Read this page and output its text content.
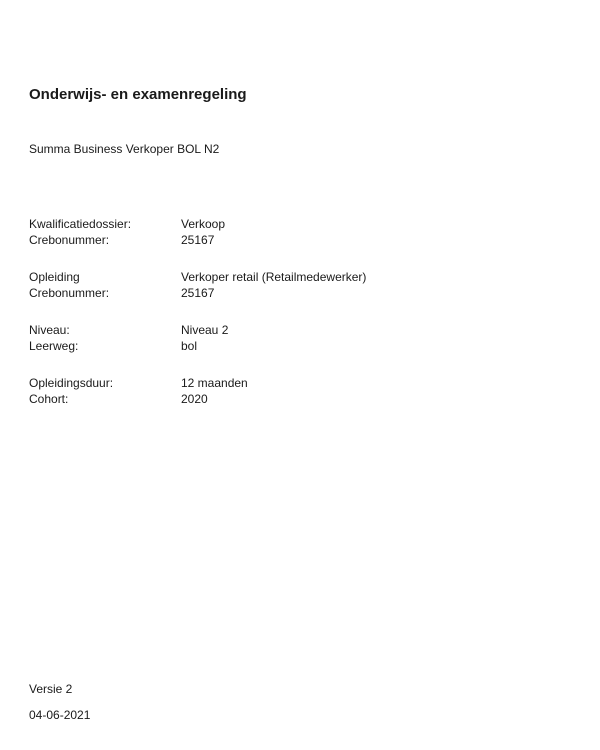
Onderwijs- en examenregeling

Summa Business Verkoper BOL N2

Kwalificatiedossier:	Verkoop
Crebonummer:	25167
Opleiding	Verkoper retail (Retailmedewerker)
Crebonummer:	25167
Niveau:	Niveau 2
Leerweg:	bol
Opleidingsduur:	12 maanden
Cohort:	2020
Versie 2
04-06-2021
